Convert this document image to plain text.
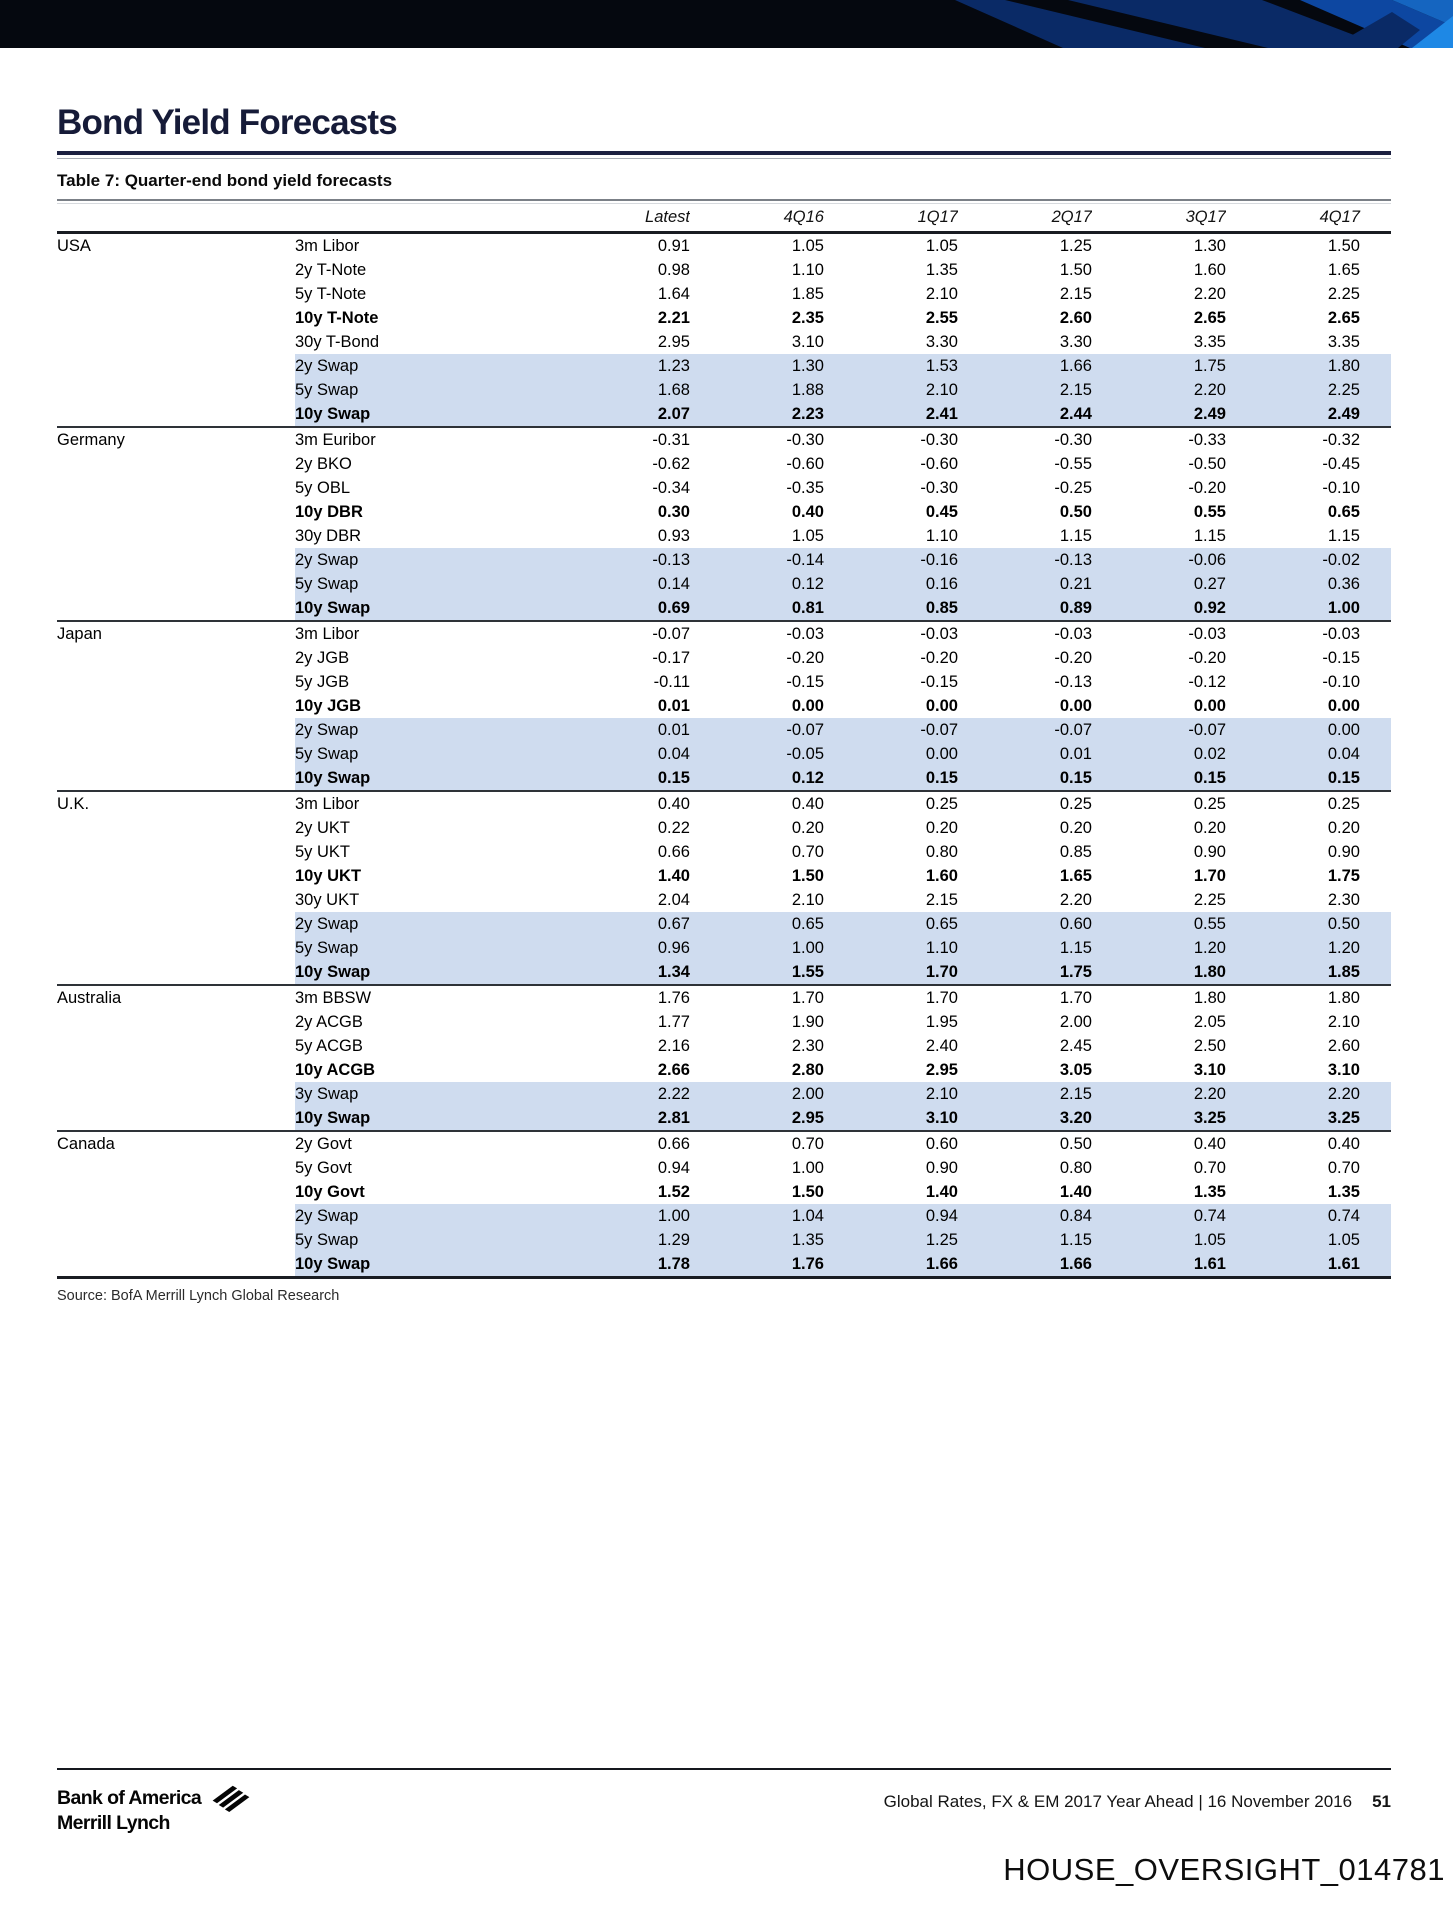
Bond Yield Forecasts
Table 7: Quarter-end bond yield forecasts
		Latest	4Q16	1Q17	2Q17	3Q17	4Q17
USA	3m Libor	0.91	1.05	1.05	1.25	1.30	1.50
	2y T-Note	0.98	1.10	1.35	1.50	1.60	1.65
	5y T-Note	1.64	1.85	2.10	2.15	2.20	2.25
	10y T-Note	2.21	2.35	2.55	2.60	2.65	2.65
	30y T-Bond	2.95	3.10	3.30	3.30	3.35	3.35
	2y Swap	1.23	1.30	1.53	1.66	1.75	1.80
	5y Swap	1.68	1.88	2.10	2.15	2.20	2.25
	10y Swap	2.07	2.23	2.41	2.44	2.49	2.49
Germany	3m Euribor	-0.31	-0.30	-0.30	-0.30	-0.33	-0.32
	2y BKO	-0.62	-0.60	-0.60	-0.55	-0.50	-0.45
	5y OBL	-0.34	-0.35	-0.30	-0.25	-0.20	-0.10
	10y DBR	0.30	0.40	0.45	0.50	0.55	0.65
	30y DBR	0.93	1.05	1.10	1.15	1.15	1.15
	2y Swap	-0.13	-0.14	-0.16	-0.13	-0.06	-0.02
	5y Swap	0.14	0.12	0.16	0.21	0.27	0.36
	10y Swap	0.69	0.81	0.85	0.89	0.92	1.00
Japan	3m Libor	-0.07	-0.03	-0.03	-0.03	-0.03	-0.03
	2y JGB	-0.17	-0.20	-0.20	-0.20	-0.20	-0.15
	5y JGB	-0.11	-0.15	-0.15	-0.13	-0.12	-0.10
	10y JGB	0.01	0.00	0.00	0.00	0.00	0.00
	2y Swap	0.01	-0.07	-0.07	-0.07	-0.07	0.00
	5y Swap	0.04	-0.05	0.00	0.01	0.02	0.04
	10y Swap	0.15	0.12	0.15	0.15	0.15	0.15
U.K.	3m Libor	0.40	0.40	0.25	0.25	0.25	0.25
	2y UKT	0.22	0.20	0.20	0.20	0.20	0.20
	5y UKT	0.66	0.70	0.80	0.85	0.90	0.90
	10y UKT	1.40	1.50	1.60	1.65	1.70	1.75
	30y UKT	2.04	2.10	2.15	2.20	2.25	2.30
	2y Swap	0.67	0.65	0.65	0.60	0.55	0.50
	5y Swap	0.96	1.00	1.10	1.15	1.20	1.20
	10y Swap	1.34	1.55	1.70	1.75	1.80	1.85
Australia	3m BBSW	1.76	1.70	1.70	1.70	1.80	1.80
	2y ACGB	1.77	1.90	1.95	2.00	2.05	2.10
	5y ACGB	2.16	2.30	2.40	2.45	2.50	2.60
	10y ACGB	2.66	2.80	2.95	3.05	3.10	3.10
	3y Swap	2.22	2.00	2.10	2.15	2.20	2.20
	10y Swap	2.81	2.95	3.10	3.20	3.25	3.25
Canada	2y Govt	0.66	0.70	0.60	0.50	0.40	0.40
	5y Govt	0.94	1.00	0.90	0.80	0.70	0.70
	10y Govt	1.52	1.50	1.40	1.40	1.35	1.35
	2y Swap	1.00	1.04	0.94	0.84	0.74	0.74
	5y Swap	1.29	1.35	1.25	1.15	1.05	1.05
	10y Swap	1.78	1.76	1.66	1.66	1.61	1.61
Source: BofA Merrill Lynch Global Research
Bank of America
Merrill Lynch
Global Rates, FX & EM 2017 Year Ahead | 16 November 2016 51
HOUSE_OVERSIGHT_014781
